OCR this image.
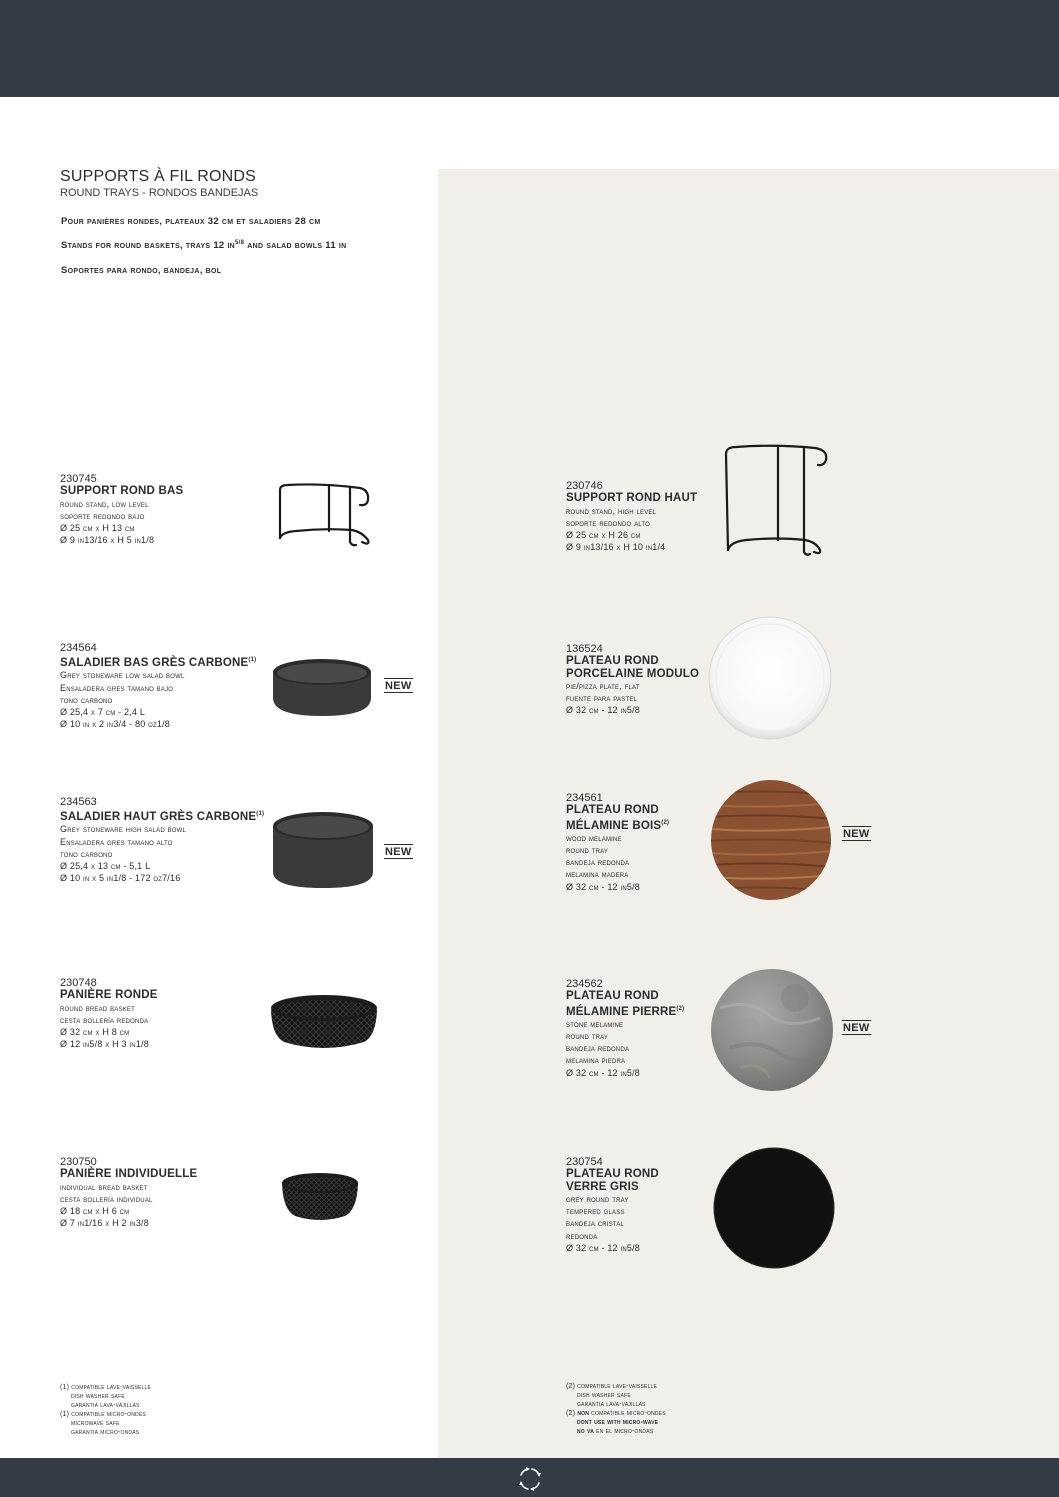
SUPPORTS À FIL RONDS
ROUND TRAYS - RONDOS BANDEJAS
Pour panières rondes, plateaux 32 cm et saladiers 28 cm
Stands for round baskets, trays 12 $in^{5/8}$ and salad bowls 11 in
Soportes para rondo, bandeja, bol
230745
SUPPORT ROND BAS
round stand, low level
soporte redondo bajo
Ø 25 cm x H 13 cm
Ø 9 in13/16 x H 5 in1/8
230746
SUPPORT ROND HAUT
round stand, high level
soporte redondo alto
Ø 25 cm x H 26 cm
Ø 9 in13/16 x H 10 in1/4
234564
SALADIER BAS GRÈS CARBONE$^{(1)}$
Grey stoneware low salad bowl
Ensaladera gres tamano bajo
tono carbono
Ø 25,4 x 7 cm - 2,4 L
Ø 10 in x 2 in3/4 - 80 oz1/8
NEW
136524
PLATEAU ROND
PORCELAINE MODULO
pie/pizza plate, flat
fuente para pastel
Ø 32 cm - 12 in5/8
234563
SALADIER HAUT GRÈS CARBONE$^{(1)}$
Grey stoneware high salad bowl
Ensaladera gres tamano alto
tono carbono
Ø 25,4 x 13 cm - 5,1 L
Ø 10 in x 5 in1/8 - 172 oz7/16
NEW
234561
PLATEAU ROND
MÉLAMINE BOIS$^{(2)}$
wood melamine
round tray
bandeja redonda
melamina madera
Ø 32 cm - 12 in5/8
NEW
230748
PANIÈRE RONDE
round bread basket
cesta bollería redonda
Ø 32 cm x H 8 cm
Ø 12 in5/8 x H 3 in1/8
234562
PLATEAU ROND
MÉLAMINE PIERRE$^{(2)}$
stone melamine
round tray
bandeja redonda
melamina piedra
Ø 32 cm - 12 in5/8
NEW
230750
PANIÈRE INDIVIDUELLE
individual bread basket
cesta bollería individual
Ø 18 cm x H 6 cm
Ø 7 in1/16 x H 2 in3/8
230754
PLATEAU ROND
VERRE GRIS
grey round tray
tempered glass
bandeja cristal
redonda
Ø 32 cm - 12 in5/8
(1) compatible lave-vaisselle
dish washer safe
garantia lava-vajillas
(1) compatible micro-ondes
microwave safe
garantia micro-ondas
(2) compatible lave-vaisselle
dish washer safe
garantia lava-vajillas
(2) non compatible micro-ondes
dont use with micro-wave
no va en el micro-ondas
